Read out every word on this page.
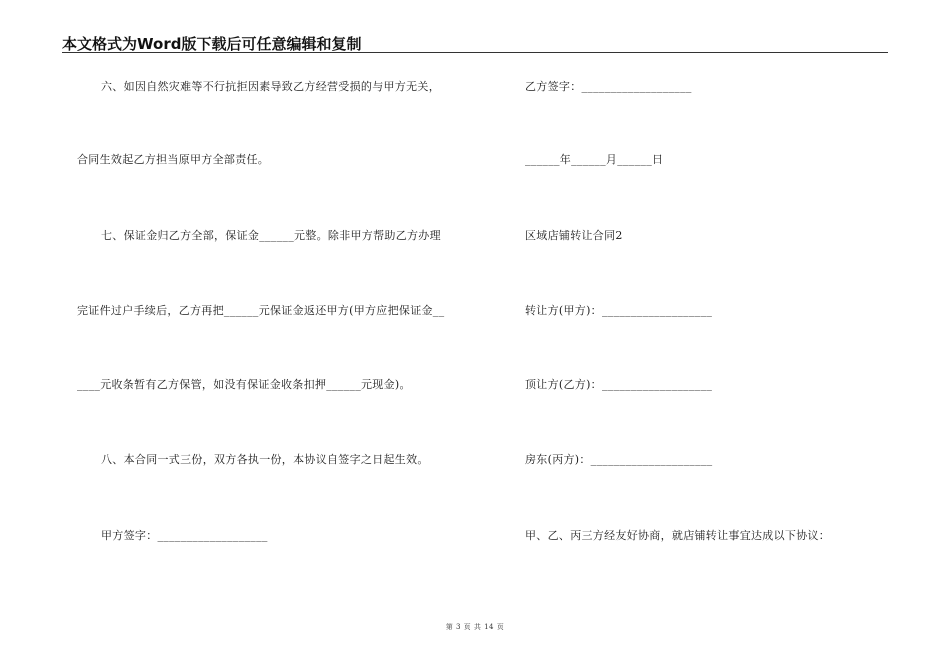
本文格式为Word版下载后可任意编辑和复制
六、如因自然灾难等不行抗拒因素导致乙方经营受损的与甲方无关，
合同生效起乙方担当原甲方全部责任。
七、保证金归乙方全部，保证金______元整。除非甲方帮助乙方办理
完证件过户手续后，乙方再把______元保证金返还甲方(甲方应把保证金__
____元收条暂有乙方保管，如没有保证金收条扣押______元现金)。
八、本合同一式三份，双方各执一份，本协议自签字之日起生效。
甲方签字：___________________
乙方签字：___________________
______年______月______日
区域店铺转让合同2
转让方(甲方)：___________________
顶让方(乙方)：___________________
房东(丙方)：_____________________
甲、乙、丙三方经友好协商，就店铺转让事宜达成以下协议：
第 3 页 共 14 页
